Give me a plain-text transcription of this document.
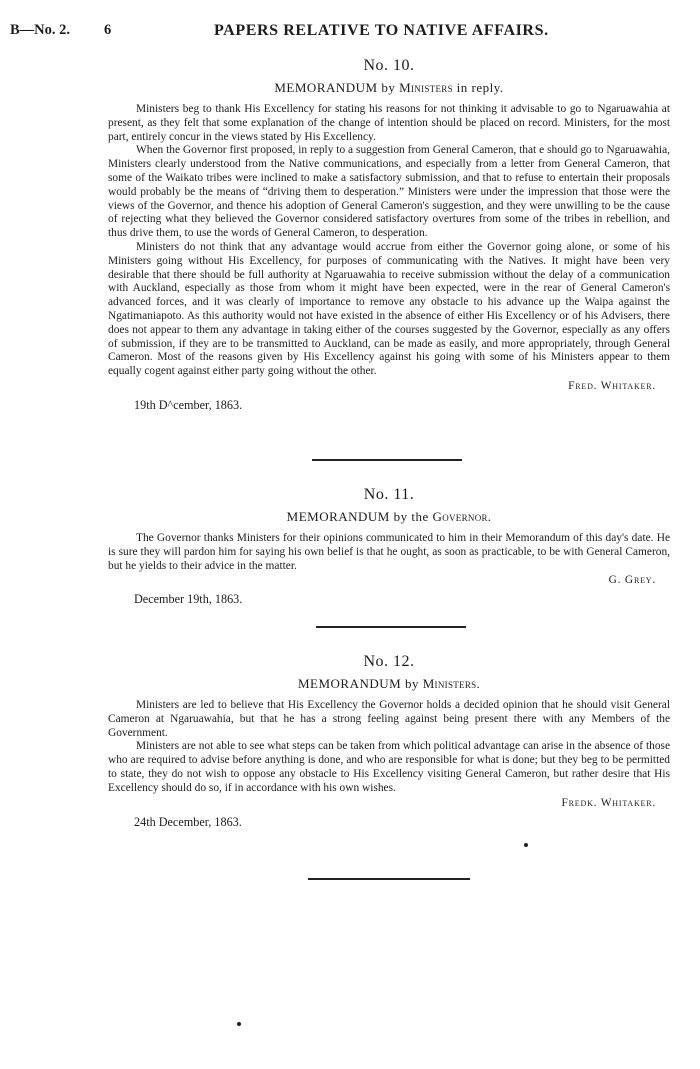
B—No. 2. 6	PAPERS RELATIVE TO NATIVE AFFAIRS.

No. 10.

MEMORANDUM by Ministers in reply.

Ministers beg to thank His Excellency for stating his reasons for not thinking it advisable to go to Ngaruawahia at present, as they felt that some explanation of the change of intention should be placed on record. Ministers, for the most part, entirely concur in the views stated by His Excellency.

When the Governor first proposed, in reply to a suggestion from General Cameron, that e should go to Ngaruawahia, Ministers clearly understood from the Native communications, and especially from a letter from General Cameron, that some of the Waikato tribes were inclined to make a satisfactory submission, and that to refuse to entertain their proposals would probably be the means of “driving them to desperation.” Ministers were under the impression that those were the views of the Governor, and thence his adoption of General Cameron's suggestion, and they were unwilling to be the cause of rejecting what they believed the Governor considered satisfactory overtures from some of the tribes in rebellion, and thus drive them, to use the words of General Cameron, to desperation.

Ministers do not think that any advantage would accrue from either the Governor going alone, or some of his Ministers going without His Excellency, for purposes of communicating with the Natives. It might have been very desirable that there should be full authority at Ngaruawahia to receive submission without the delay of a communication with Auckland, especially as those from whom it might have been expected, were in the rear of General Cameron's advanced forces, and it was clearly of importance to remove any obstacle to his advance up the Waipa against the Ngatimaniapoto. As this authority would not have existed in the absence of either His Excellency or of his Advisers, there does not appear to them any advantage in taking either of the courses suggested by the Governor, especially as any offers of submission, if they are to be transmitted to Auckland, can be made as easily, and more appropriately, through General Cameron. Most of the reasons given by His Excellency against his going with some of his Ministers appear to them equally cogent against either party going without the other.

Fred. Whitaker.

19th D^cember, 1863.

No. 11.

MEMORANDUM by the Governor.

The Governor thanks Ministers for their opinions communicated to him in their Memorandum of this day's date. He is sure they will pardon him for saying his own belief is that he ought, as soon as practicable, to be with General Cameron, but he yields to their advice in the matter.

G. Grey.

December 19th, 1863.

No. 12.

MEMORANDUM by Ministers.

Ministers are led to believe that His Excellency the Governor holds a decided opinion that he should visit General Cameron at Ngaruawahia, but that he has a strong feeling against being present there with any Members of the Government.

Ministers are not able to see what steps can be taken from which political advantage can arise in the absence of those who are required to advise before anything is done, and who are responsible for what is done; but they beg to be permitted to state, they do not wish to oppose any obstacle to His Excellency visiting General Cameron, but rather desire that His Excellency should do so, if in accordance with his own wishes.

Fredk. Whitaker.

24th December, 1863.
